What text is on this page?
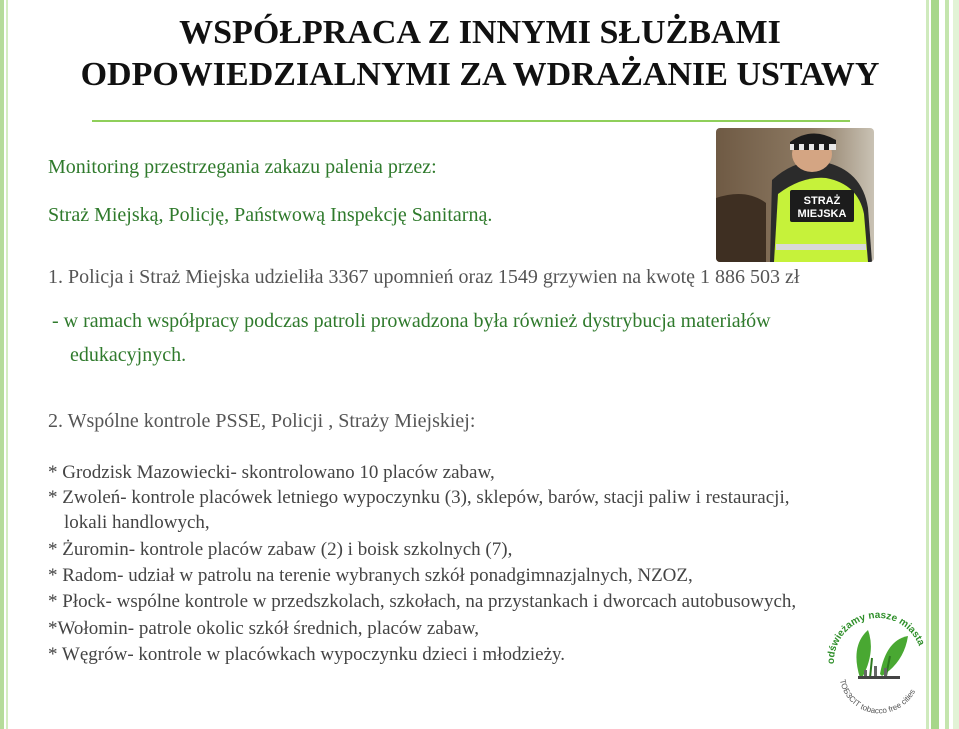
WSPÓŁPRACA Z INNYMI SŁUŻBAMI
ODPOWIEDZIALNYMI ZA WDRAŻANIE USTAWY
Monitoring przestrzegania zakazu palenia przez:
Straż Miejską, Policję, Państwową Inspekcję Sanitarną.
STRAŻ
MIEJSKA
1. Policja i Straż Miejska udzieliła 3367 upomnień oraz 1549 grzywien na kwotę 1 886 503 zł
- w ramach współpracy podczas patroli prowadzona była również dystrybucja materiałów
edukacyjnych.
2. Wspólne kontrole PSSE, Policji , Straży Miejskiej:
* Grodzisk Mazowiecki- skontrolowano 10 placów zabaw,
* Zwoleń- kontrole placówek letniego wypoczynku (3), sklepów, barów, stacji paliw i restauracji,
lokali handlowych,
* Żuromin- kontrole placów zabaw (2) i boisk szkolnych (7),
* Radom- udział w patrolu na terenie wybranych szkół ponadgimnazjalnych, NZOZ,
* Płock- wspólne kontrole w przedszkolach, szkołach, na przystankach i dworcach autobusowych,
*Wołomin- patrole okolic szkół średnich, placów zabaw,
* Węgrów- kontrole w placówkach wypoczynku dzieci i młodzieży.	odświeżamy nasze miasta
ТОБЗСІТ tobacco free cities
